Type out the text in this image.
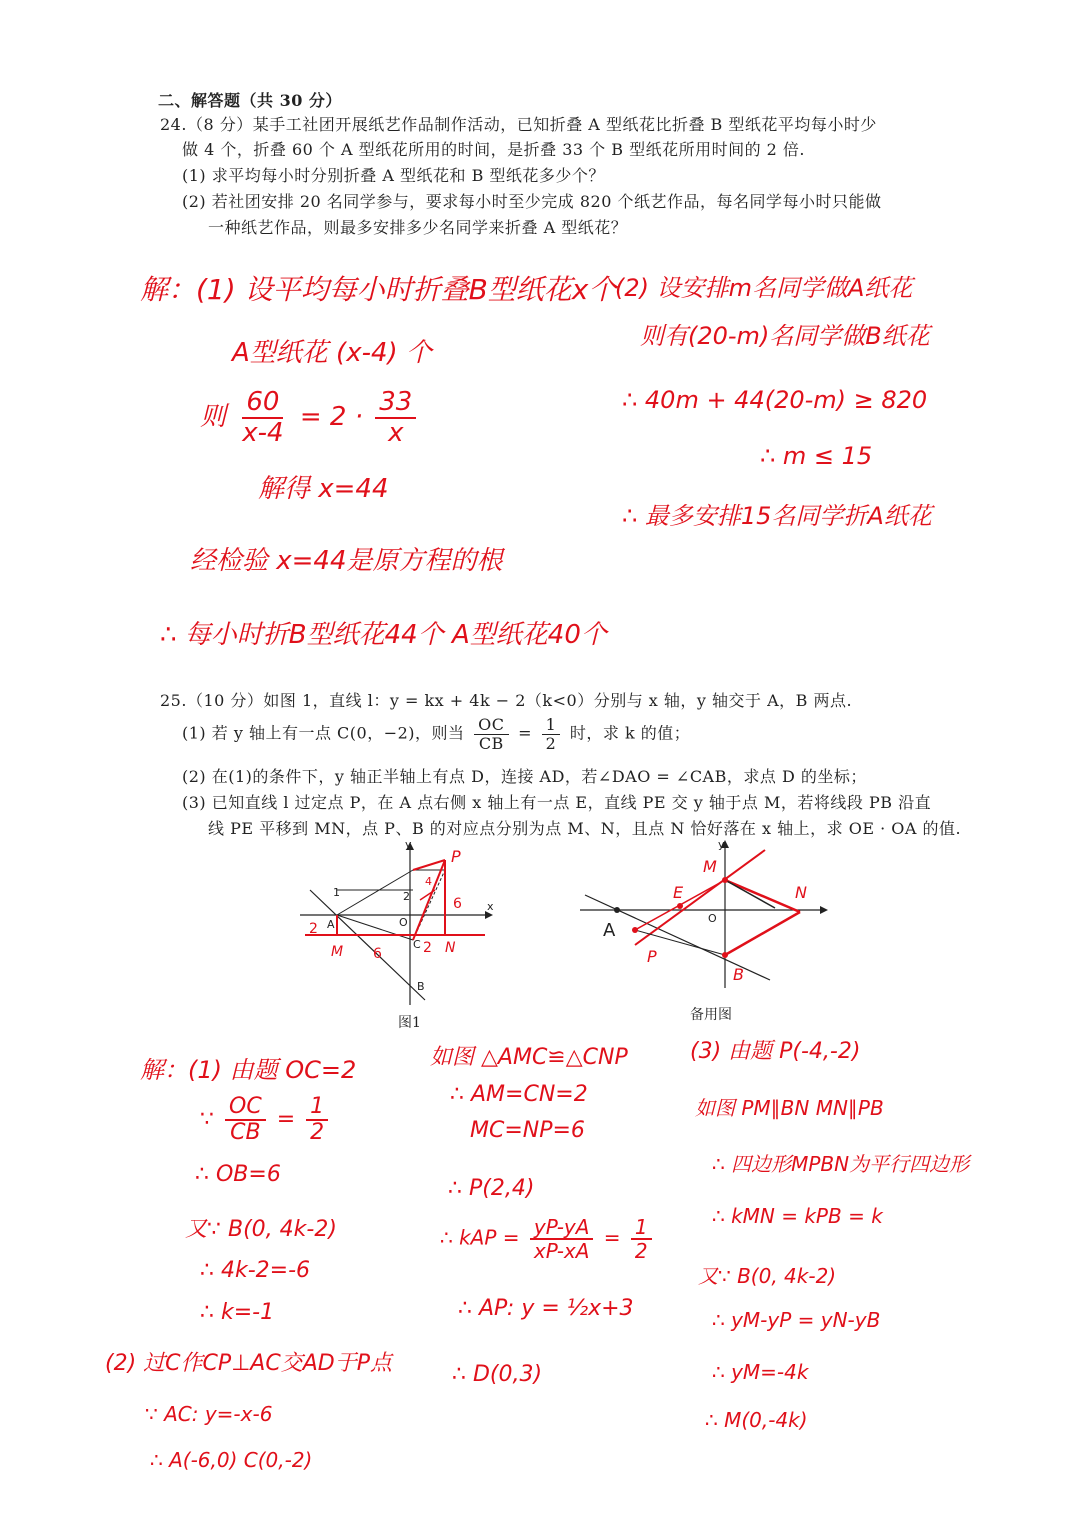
二、解答题（共 30 分）
24.（8 分）某手工社团开展纸艺作品制作活动，已知折叠 A 型纸花比折叠 B 型纸花平均每小时少
做 4 个，折叠 60 个 A 型纸花所用的时间，是折叠 33 个 B 型纸花所用时间的 2 倍.
(1) 求平均每小时分别折叠 A 型纸花和 B 型纸花多少个？
(2) 若社团安排 20 名同学参与，要求每小时至少完成 820 个纸艺作品，每名同学每小时只能做
一种纸艺作品，则最多安排多少名同学来折叠 A 型纸花？
解：(1) 设平均每小时折叠B型纸花x个
A型纸花 (x-4) 个
则 $\frac{60}{x-4} = 2 \cdot \frac{33}{x}$
解得 x=44
经检验 x=44是原方程的根
∴ 每小时折B型纸花44个 A型纸花40个
(2) 设安排m名同学做A纸花
则有(20-m)名同学做B纸花
∴ 40m + 44(20-m) ≥ 820
∴ m ≤ 15
∴ 最多安排15名同学折A纸花
25.（10 分）如图 1，直线 l：y = kx + 4k − 2（k<0）分别与 x 轴，y 轴交于 A，B 两点.
(1) 若 y 轴上有一点 C(0，−2)，则当 $\frac{OC}{CB} = \frac{1}{2}$ 时，求 k 的值；
(2) 在(1)的条件下，y 轴正半轴上有点 D，连接 AD，若∠DAO = ∠CAB，求点 D 的坐标；
(3) 已知直线 l 过定点 P，在 A 点右侧 x 轴上有一点 E，直线 PE 交 y 轴于点 M，若将线段 PB 沿直
线 PE 平移到 MN，点 P、B 的对应点分别为点 M、N，且点 N 恰好落在 x 轴上，求 OE · OA 的值.
y
A
B
C
O
x
P
M	N
2
2
6
6
1
4
2
图1
y
A
E
O
M
N
P
B
备用图
解：(1) 由题 OC=2
∵ $\frac{OC}{CB} = \frac{1}{2}$
∴ OB=6
又∵ B(0, 4k-2)
∴ 4k-2=-6
∴ k=-1
(2) 过C作CP⊥AC交AD于P点
∵ AC: y=-x-6
∴ A(-6,0) C(0,-2)
如图 △AMC≌△CNP
∴ AM=CN=2
MC=NP=6
∴ P(2,4)
∴ kAP = $\frac{yP-yA}{xP-xA} = \frac{1}{2}$
∴ AP: y = ½x+3
∴ D(0,3)
(3) 由题 P(-4,-2)
如图 PM∥BN MN∥PB
∴ 四边形MPBN为平行四边形
∴ kMN = kPB = k
又∵ B(0, 4k-2)
∴ yM-yP = yN-yB
∴ yM=-4k
∴ M(0,-4k)
